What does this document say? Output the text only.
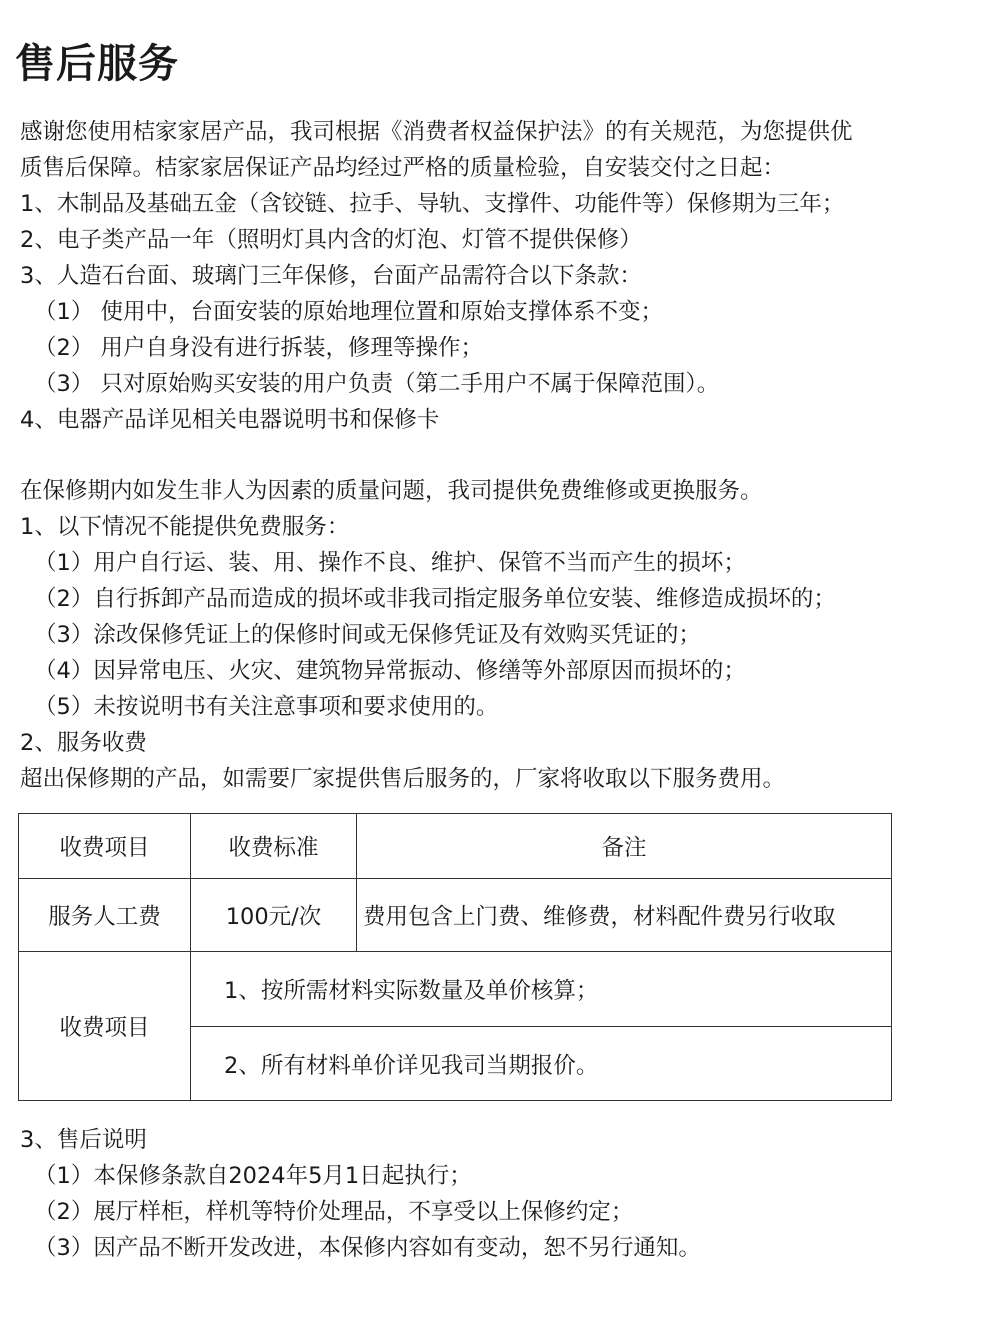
售后服务
感谢您使用桔家家居产品，我司根据《消费者权益保护法》的有关规范，为您提供优
质售后保障。桔家家居保证产品均经过严格的质量检验，自安装交付之日起：
1、木制品及基础五金（含铰链、拉手、导轨、支撑件、功能件等）保修期为三年；
2、电子类产品一年（照明灯具内含的灯泡、灯管不提供保修）
3、人造石台面、玻璃门三年保修，台面产品需符合以下条款：
（1） 使用中，台面安装的原始地理位置和原始支撑体系不变；
（2） 用户自身没有进行拆装，修理等操作；
（3） 只对原始购买安装的用户负责（第二手用户不属于保障范围）。
4、电器产品详见相关电器说明书和保修卡
在保修期内如发生非人为因素的质量问题，我司提供免费维修或更换服务。
1、以下情况不能提供免费服务：
（1）用户自行运、装、用、操作不良、维护、保管不当而产生的损坏；
（2）自行拆卸产品而造成的损坏或非我司指定服务单位安装、维修造成损坏的；
（3）涂改保修凭证上的保修时间或无保修凭证及有效购买凭证的；
（4）因异常电压、火灾、建筑物异常振动、修缮等外部原因而损坏的；
（5）未按说明书有关注意事项和要求使用的。
2、服务收费
超出保修期的产品，如需要厂家提供售后服务的，厂家将收取以下服务费用。
收费项目	收费标准	备注
服务人工费	100元/次	费用包含上门费、维修费，材料配件费另行收取
收费项目	1、按所需材料实际数量及单价核算；	
	2、所有材料单价详见我司当期报价。	
3、售后说明
（1）本保修条款自2024年5月1日起执行；
（2）展厅样柜，样机等特价处理品，不享受以上保修约定；
（3）因产品不断开发改进，本保修内容如有变动，恕不另行通知。
